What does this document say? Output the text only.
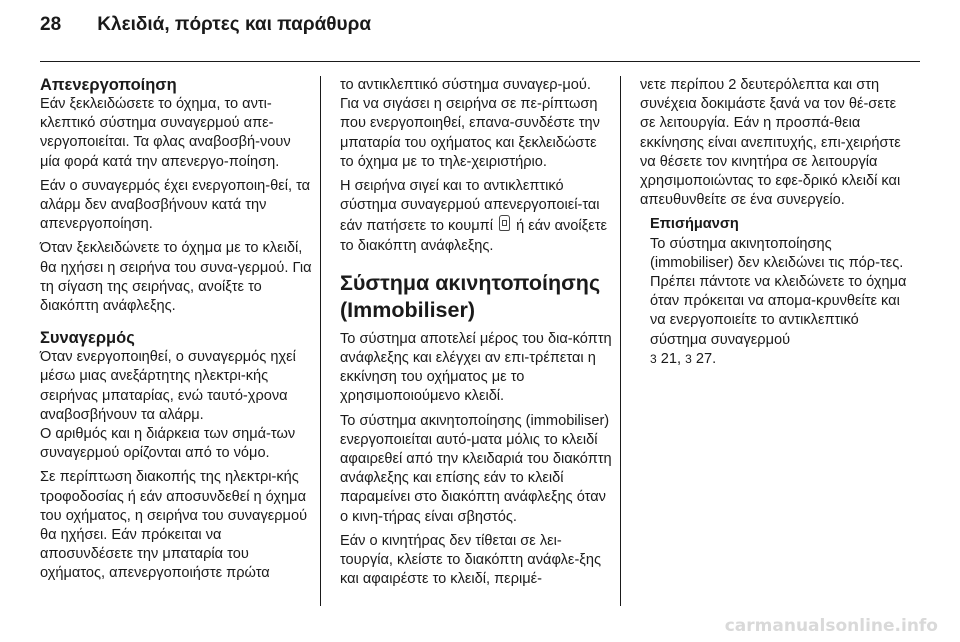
28 Κλειδιά, πόρτες και παράθυρα
Απενεργοποίηση

Εάν ξεκλειδώσετε το όχημα, το αντι-κλεπτικό σύστημα συναγερμού απε-νεργοποιείται. Τα φλας αναβοσβή-νουν μία φορά κατά την απενεργο-ποίηση.

Εάν ο συναγερμός έχει ενεργοποιη-θεί, τα αλάρμ δεν αναβοσβήνουν κατά την απενεργοποίηση.

Όταν ξεκλειδώνετε το όχημα με το κλειδί, θα ηχήσει η σειρήνα του συνα-γερμού. Για τη σίγαση της σειρήνας, ανοίξτε το διακόπτη ανάφλεξης.

Συναγερμός

Όταν ενεργοποιηθεί, ο συναγερμός ηχεί μέσω μιας ανεξάρτητης ηλεκτρι-κής σειρήνας μπαταρίας, ενώ ταυτό-χρονα αναβοσβήνουν τα αλάρμ.

Ο αριθμός και η διάρκεια των σημά-των συναγερμού ορίζονται από το νόμο.

Σε περίπτωση διακοπής της ηλεκτρι-κής τροφοδοσίας ή εάν αποσυνδεθεί η όχημα του οχήματος, η σειρήνα του συναγερμού θα ηχήσει. Εάν πρόκειται να αποσυνδέσετε την μπαταρία του οχήματος, απενεργοποιήστε πρώτα

το αντικλεπτικό σύστημα συναγερ-μού. Για να σιγάσει η σειρήνα σε πε-ρίπτωση που ενεργοποιηθεί, επανα-συνδέστε την μπαταρία του οχήματος και ξεκλειδώστε το όχημα με το τηλε-χειριστήριο.

Η σειρήνα σιγεί και το αντικλεπτικό σύστημα συναγερμού απενεργοποιεί-ται εάν πατήσετε το κουμπί ή εάν ανοίξετε το διακόπτη ανάφλεξης.

Σύστημα ακινητοποίησης (Immobiliser)

Το σύστημα αποτελεί μέρος του δια-κόπτη ανάφλεξης και ελέγχει αν επι-τρέπεται η εκκίνηση του οχήματος με το χρησιμοποιούμενο κλειδί.

Το σύστημα ακινητοποίησης (immobiliser) ενεργοποιείται αυτό-ματα μόλις το κλειδί αφαιρεθεί από την κλειδαριά του διακόπτη ανάφλεξης και επίσης εάν το κλειδί παραμείνει στο διακόπτη ανάφλεξης όταν ο κινη-τήρας είναι σβηστός.

Εάν ο κινητήρας δεν τίθεται σε λει-τουργία, κλείστε το διακόπτη ανάφλε-ξης και αφαιρέστε το κλειδί, περιμέ-

νετε περίπου 2 δευτερόλεπτα και στη συνέχεια δοκιμάστε ξανά να τον θέ-σετε σε λειτουργία. Εάν η προσπά-θεια εκκίνησης είναι ανεπιτυχής, επι-χειρήστε να θέσετε τον κινητήρα σε λειτουργία χρησιμοποιώντας το εφε-δρικό κλειδί και απευθυνθείτε σε ένα συνεργείο.

Επισήμανση
Το σύστημα ακινητοποίησης (immobiliser) δεν κλειδώνει τις πόρ-τες. Πρέπει πάντοτε να κλειδώνετε το όχημα όταν πρόκειται να απομα-κρυνθείτε και να ενεργοποιείτε το αντικλεπτικό σύστημα συναγερμού
3 21, 3 27.
carmanualsonline.info
